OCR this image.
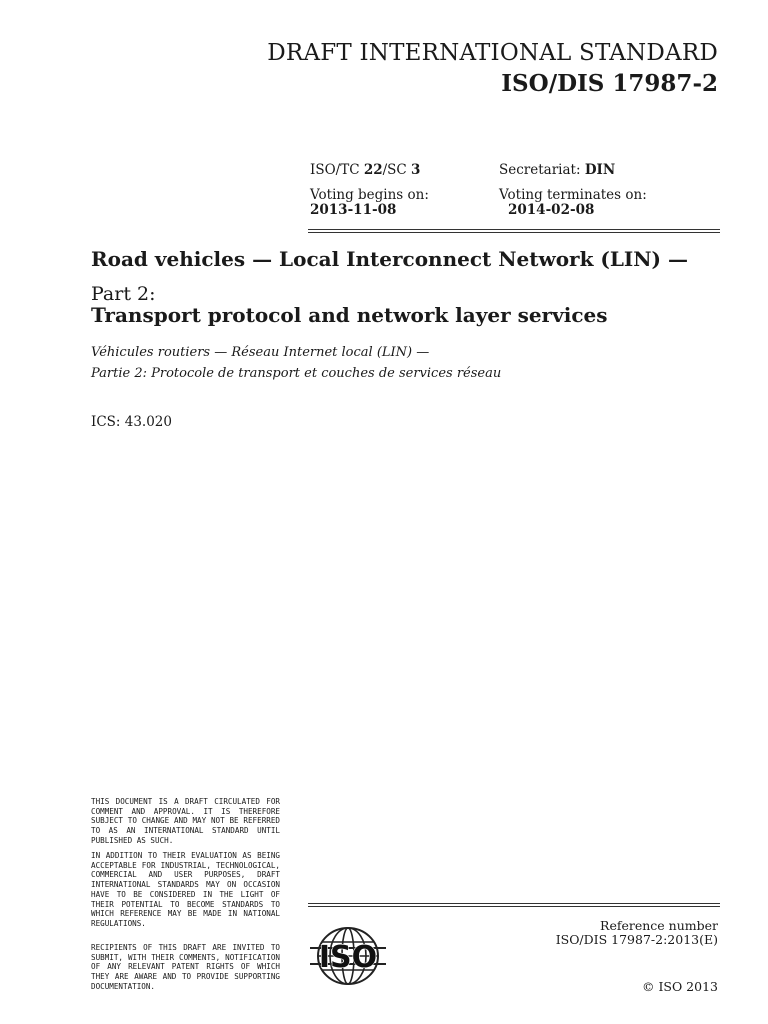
DRAFT INTERNATIONAL STANDARD
ISO/DIS 17987-2
ISO/TC 22/SC 3	Secretariat: DIN
Voting begins on:
2013-11-08
Voting terminates on:
2014-02-08
Road vehicles — Local Interconnect Network (LIN) —
Part 2:
Transport protocol and network layer services
Véhicules routiers — Réseau Internet local (LIN) —
Partie 2: Protocole de transport et couches de services réseau
ICS: 43.020

THIS DOCUMENT IS A DRAFT CIRCULATED FOR COMMENT AND APPROVAL. IT IS THEREFORE SUBJECT TO CHANGE AND MAY NOT BE REFERRED TO AS AN INTERNATIONAL STANDARD UNTIL PUBLISHED AS SUCH.

IN ADDITION TO THEIR EVALUATION AS BEING ACCEPTABLE FOR INDUSTRIAL, TECHNOLOGICAL, COMMERCIAL AND USER PURPOSES, DRAFT INTERNATIONAL STANDARDS MAY ON OCCASION HAVE TO BE CONSIDERED IN THE LIGHT OF THEIR POTENTIAL TO BECOME STANDARDS TO WHICH REFERENCE MAY BE MADE IN NATIONAL REGULATIONS.

RECIPIENTS OF THIS DRAFT ARE INVITED TO SUBMIT, WITH THEIR COMMENTS, NOTIFICATION OF ANY RELEVANT PATENT RIGHTS OF WHICH THEY ARE AWARE AND TO PROVIDE SUPPORTING DOCUMENTATION.

ISO
Reference number
ISO/DIS 17987-2:2013(E)
© ISO 2013
